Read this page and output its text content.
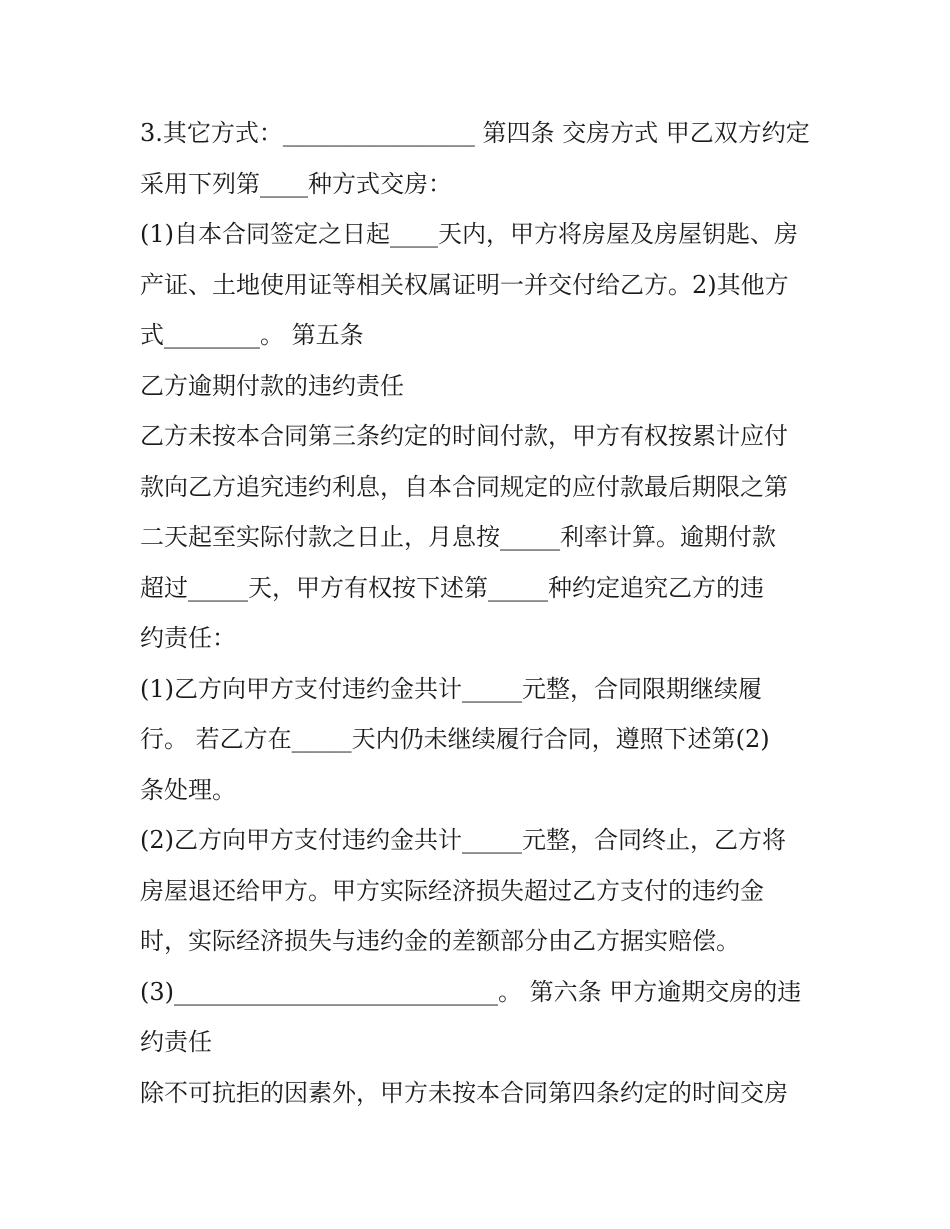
3.其它方式：________________ 第四条 交房方式 甲乙双方约定

采用下列第____种方式交房：

(1)自本合同签定之日起____天内，甲方将房屋及房屋钥匙、房

产证、土地使用证等相关权属证明一并交付给乙方。2)其他方

式________。 第五条

乙方逾期付款的违约责任

乙方未按本合同第三条约定的时间付款，甲方有权按累计应付

款向乙方追究违约利息，自本合同规定的应付款最后期限之第

二天起至实际付款之日止，月息按_____利率计算。逾期付款

超过_____天，甲方有权按下述第_____种约定追究乙方的违

约责任：

(1)乙方向甲方支付违约金共计_____元整，合同限期继续履

行。 若乙方在_____天内仍未继续履行合同，遵照下述第(2)

条处理。

(2)乙方向甲方支付违约金共计_____元整，合同终止，乙方将

房屋退还给甲方。甲方实际经济损失超过乙方支付的违约金

时，实际经济损失与违约金的差额部分由乙方据实赔偿。

(3)___________________________。 第六条 甲方逾期交房的违

约责任

除不可抗拒的因素外，甲方未按本合同第四条约定的时间交房
